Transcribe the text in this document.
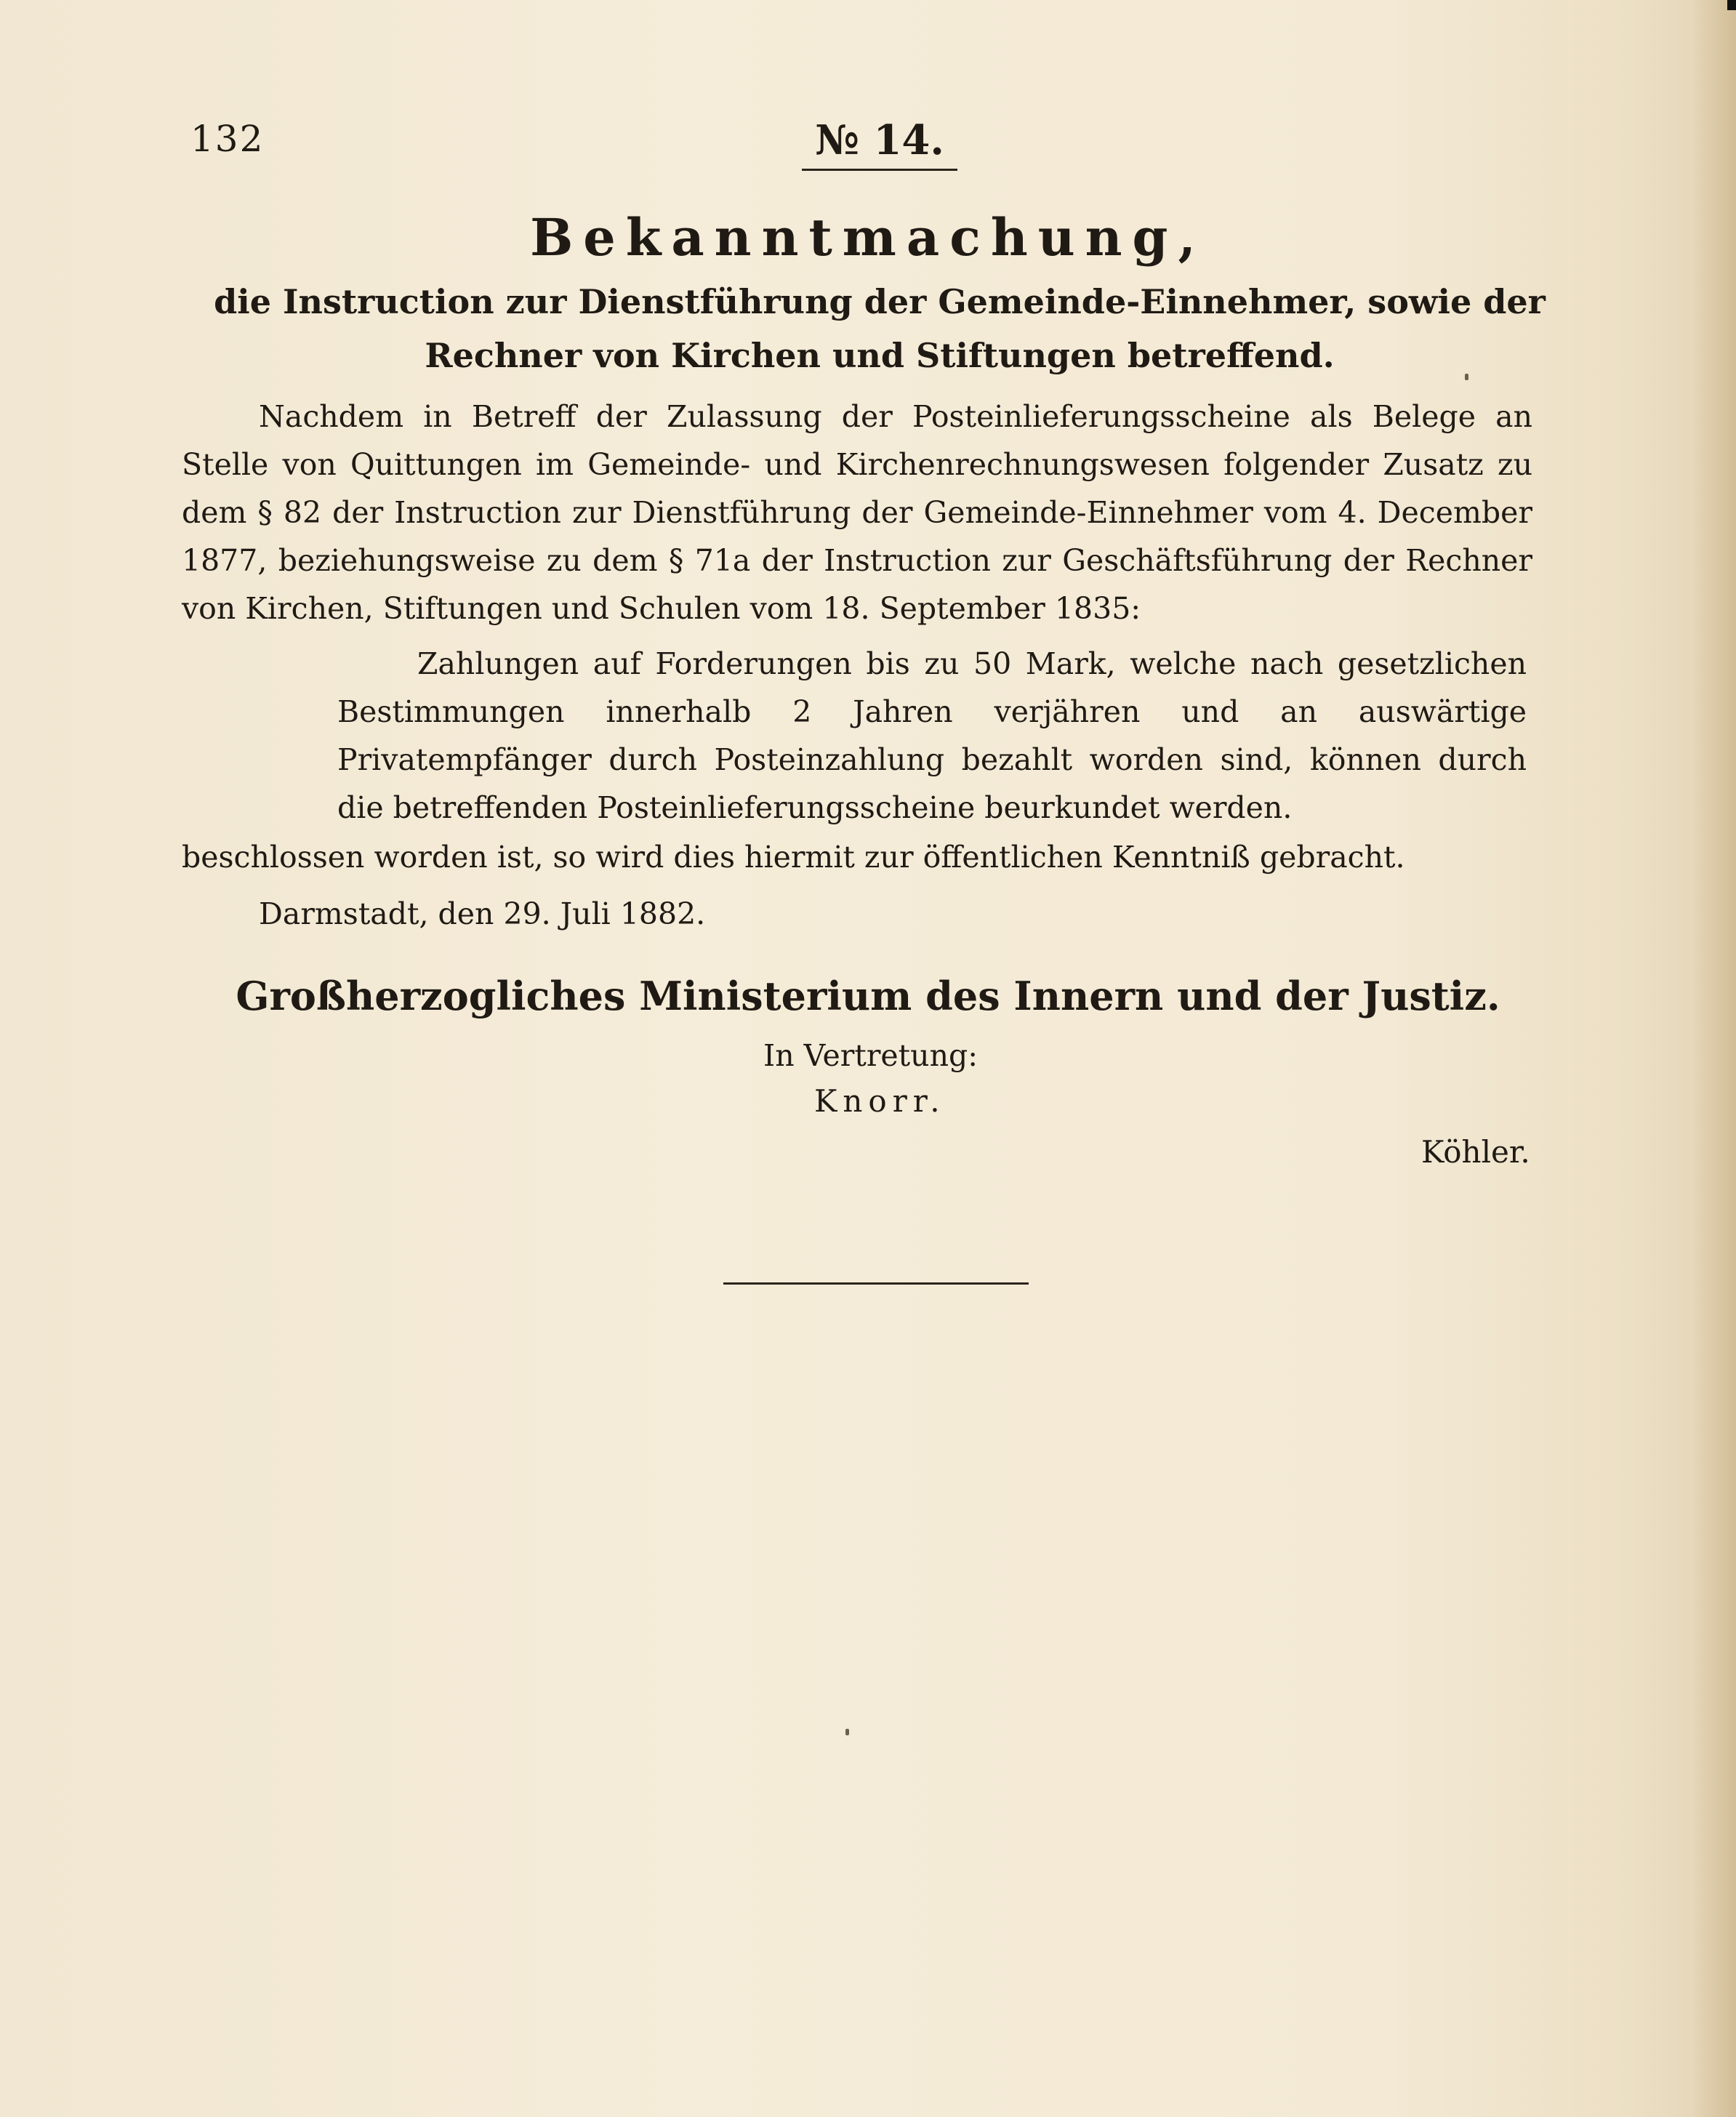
132	№ 14.
Bekanntmachung,
die Instruction zur Dienstführung der Gemeinde-Einnehmer, sowie der Rechner von Kirchen und Stiftungen betreffend.
Nachdem in Betreff der Zulassung der Posteinlieferungsscheine als Belege an Stelle von Quittungen im Gemeinde- und Kirchenrechnungswesen folgender Zusatz zu dem § 82 der Instruction zur Dienstführung der Gemeinde-Einnehmer vom 4. December 1877, beziehungsweise zu dem § 71a der Instruction zur Geschäftsführung der Rechner von Kirchen, Stiftungen und Schulen vom 18. September 1835:
Zahlungen auf Forderungen bis zu 50 Mark, welche nach gesetzlichen Bestimmungen innerhalb 2 Jahren verjähren und an auswärtige Privatempfänger durch Posteinzahlung bezahlt worden sind, können durch die betreffenden Posteinlieferungsscheine beurkundet werden.
beschlossen worden ist, so wird dies hiermit zur öffentlichen Kenntniß gebracht.
Darmstadt, den 29. Juli 1882.
Großherzogliches Ministerium des Innern und der Justiz.
In Vertretung:
Knorr.
Köhler.
